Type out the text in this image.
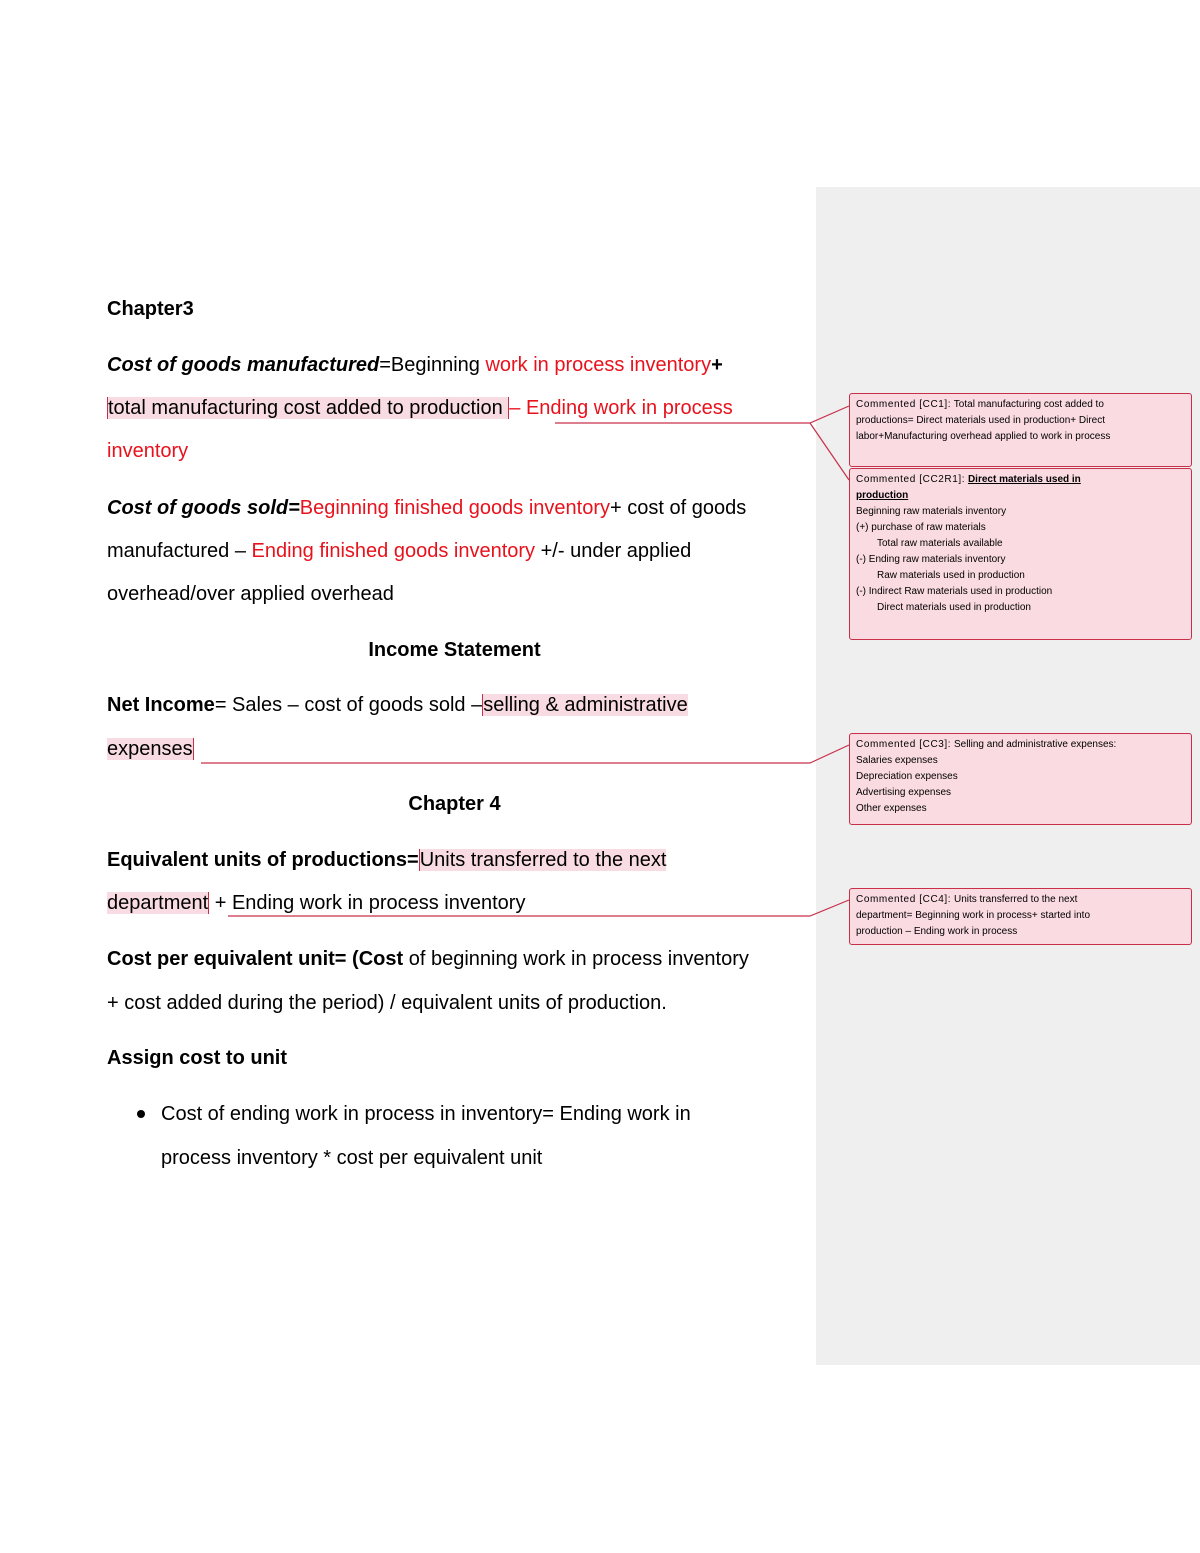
Chapter3
Cost of goods manufactured=Beginning work in process inventory+
total manufacturing cost added to production – Ending work in process
inventory
Cost of goods sold=Beginning finished goods inventory+ cost of goods
manufactured – Ending finished goods inventory +/- under applied
overhead/over applied overhead
Income Statement
Net Income= Sales – cost of goods sold –selling & administrative
expenses
Chapter 4
Equivalent units of productions=Units transferred to the next
department + Ending work in process inventory
Cost per equivalent unit= (Cost of beginning work in process inventory
+ cost added during the period) / equivalent units of production.
Assign cost to unit
Cost of ending work in process in inventory= Ending work in
process inventory * cost per equivalent unit
Commented [CC1]: Total manufacturing cost added to
productions= Direct materials used in production+ Direct
labor+Manufacturing overhead applied to work in process
Commented [CC2R1]: Direct materials used in
production
Beginning raw materials inventory
(+) purchase of raw materials
Total raw materials available
(-) Ending raw materials inventory
Raw materials used in production
(-) Indirect Raw materials used in production
Direct materials used in production
Commented [CC3]: Selling and administrative expenses:
Salaries expenses
Depreciation expenses
Advertising expenses
Other expenses
Commented [CC4]: Units transferred to the next
department= Beginning work in process+ started into
production – Ending work in process
